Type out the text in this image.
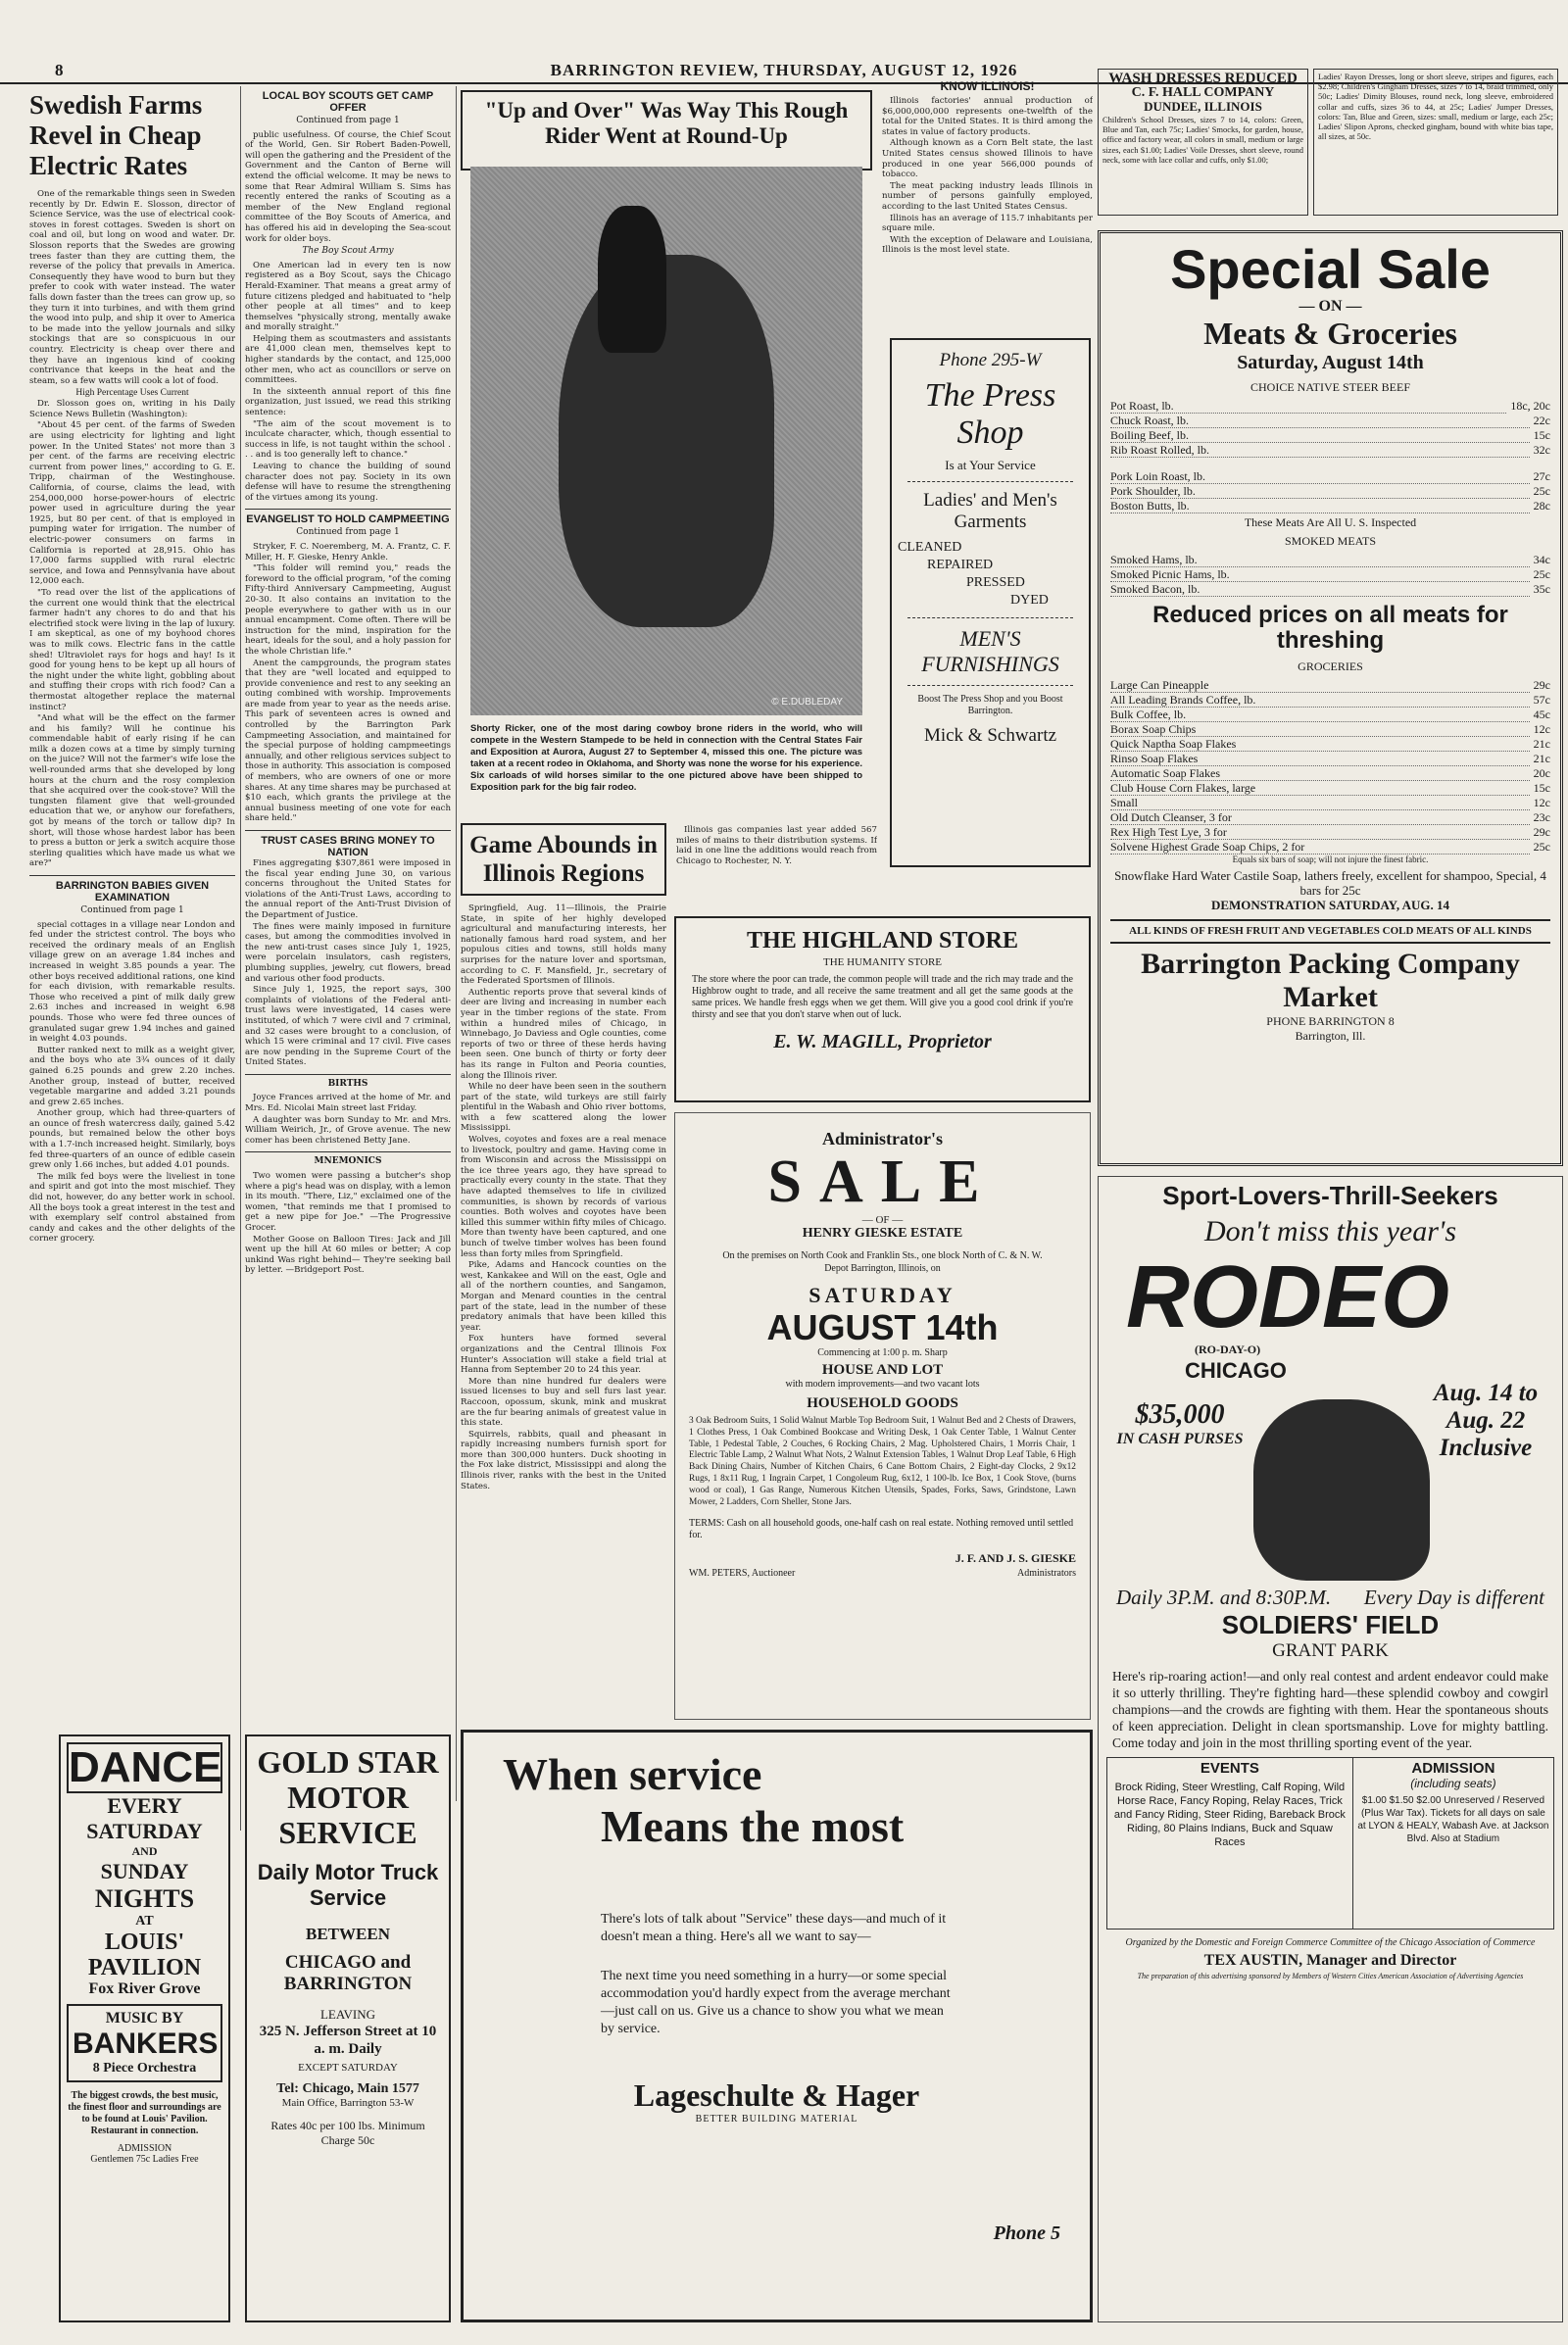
8	BARRINGTON REVIEW, THURSDAY, AUGUST 12, 1926
Swedish Farms Revel in Cheap Electric Rates

One of the remarkable things seen in Sweden recently by Dr. Edwin E. Slosson, director of Science Service, was the use of electrical cook-stoves in forest cottages. Sweden is short on coal and oil, but long on wood and water. Dr. Slosson reports that the Swedes are growing trees faster than they are cutting them, the reverse of the policy that prevails in America. Consequently they have wood to burn but they prefer to cook with water instead. The water falls down faster than the trees can grow up, so they turn it into turbines, and with them grind the wood into pulp, and ship it over to America to be made into the yellow journals and silky stockings that are so conspicuous in our country. Electricity is cheap over there and they have an ingenious kind of cooking contrivance that keeps in the heat and the steam, so a few watts will cook a lot of food.

High Percentage Uses Current

Dr. Slosson goes on, writing in his Daily Science News Bulletin (Washington):

"About 45 per cent. of the farms of Sweden are using electricity for lighting and light power. In the United States' not more than 3 per cent. of the farms are receiving electric current from power lines," according to G. E. Tripp, chairman of the Westinghouse. California, of course, claims the lead, with 254,000,000 horse-power-hours of electric power used in agriculture during the year 1925, but 80 per cent. of that is employed in pumping water for irrigation. The number of electric-power consumers on farms in California is reported at 28,915. Ohio has 17,000 farms supplied with rural electric service, and Iowa and Pennsylvania have about 12,000 each.

"To read over the list of the applications of the current one would think that the electrical farmer hadn't any chores to do and that his electrified stock were living in the lap of luxury. I am skeptical, as one of my boyhood chores was to milk cows. Electric fans in the cattle shed! Ultraviolet rays for hogs and hay! Is it good for young hens to be kept up all hours of the night under the white light, gobbling about and stuffing their crops with rich food? Can a thermostat altogether replace the maternal instinct?

"And what will be the effect on the farmer and his family? Will he continue his commendable habit of early rising if he can milk a dozen cows at a time by simply turning on the juice? Will not the farmer's wife lose the well-rounded arms that she developed by long hours at the churn and the rosy complexion that she acquired over the cook-stove? Will the tungsten filament give that well-grounded education that we, or anyhow our forefathers, got by means of the torch or tallow dip? In short, will those whose hardest labor has been to press a button or jerk a switch acquire those sterling qualities which have made us what we are?"

BARRINGTON BABIES GIVEN EXAMINATION
Continued from page 1

special cottages in a village near London and fed under the strictest control. The boys who received the ordinary meals of an English village grew on an average 1.84 inches and increased in weight 3.85 pounds a year. The other boys received additional rations, one kind for each division, with remarkable results. Those who received a pint of milk daily grew 2.63 inches and increased in weight 6.98 pounds. Those who were fed three ounces of granulated sugar grew 1.94 inches and gained in weight 4.03 pounds.

Butter ranked next to milk as a weight giver, and the boys who ate 3¾ ounces of it daily gained 6.25 pounds and grew 2.20 inches. Another group, instead of butter, received vegetable margarine and added 3.21 pounds and grew 2.65 inches.

Another group, which had three-quarters of an ounce of fresh watercress daily, gained 5.42 pounds, but remained below the other boys with a 1.7-inch increased height. Similarly, boys fed three-quarters of an ounce of edible casein grew only 1.66 inches, but added 4.01 pounds.

The milk fed boys were the liveliest in tone and spirit and got into the most mischief. They did not, however, do any better work in school. All the boys took a great interest in the test and with exemplary self control abstained from candy and cakes and the other delights of the corner grocery.

LOCAL BOY SCOUTS GET CAMP OFFER
Continued from page 1

public usefulness. Of course, the Chief Scout of the World, Gen. Sir Robert Baden-Powell, will open the gathering and the President of the Government and the Canton of Berne will extend the official welcome. It may be news to some that Rear Admiral William S. Sims has recently entered the ranks of Scouting as a member of the New England regional committee of the Boy Scouts of America, and has offered his aid in developing the Sea-scout work for older boys.

The Boy Scout Army

One American lad in every ten is now registered as a Boy Scout, says the Chicago Herald-Examiner. That means a great army of future citizens pledged and habituated to "help other people at all times" and to keep themselves "physically strong, mentally awake and morally straight."

Helping them as scoutmasters and assistants are 41,000 clean men, themselves kept to higher standards by the contact, and 125,000 other men, who act as councillors or serve on committees.

In the sixteenth annual report of this fine organization, just issued, we read this striking sentence:

"The aim of the scout movement is to inculcate character, which, though essential to success in life, is not taught within the school . . . and is too generally left to chance."

Leaving to chance the building of sound character does not pay. Society in its own defense will have to resume the strengthening of the virtues among its young.

EVANGELIST TO HOLD CAMPMEETING
Continued from page 1

Stryker, F. C. Noeremberg, M. A. Frantz, C. F. Miller, H. F. Gieske, Henry Ankle.

"This folder will remind you," reads the foreword to the official program, "of the coming Fifty-third Anniversary Campmeeting, August 20-30. It also contains an invitation to the people everywhere to gather with us in our annual encampment. Come often. There will be instruction for the mind, inspiration for the heart, ideals for the soul, and a holy passion for the whole Christian life."

Anent the campgrounds, the program states that they are "well located and equipped to provide convenience and rest to any seeking an outing combined with worship. Improvements are made from year to year as the needs arise. This park of seventeen acres is owned and controlled by the Barrington Park Campmeeting Association, and maintained for the special purpose of holding campmeetings annually, and other religious services subject to those in authority. This association is composed of members, who are owners of one or more shares. At any time shares may be purchased at $10 each, which grants the privilege at the annual business meeting of one vote for each share held."

TRUST CASES BRING MONEY TO NATION

Fines aggregating $307,861 were imposed in the fiscal year ending June 30, on various concerns throughout the United States for violations of the Anti-Trust Laws, according to the annual report of the Anti-Trust Division of the Department of Justice.

The fines were mainly imposed in furniture cases, but among the commodities involved in the new anti-trust cases since July 1, 1925, were porcelain insulators, cash registers, plumbing supplies, jewelry, cut flowers, bread and various other food products.

Since July 1, 1925, the report says, 300 complaints of violations of the Federal anti-trust laws were investigated, 14 cases were instituted, of which 7 were civil and 7 criminal, and 32 cases were brought to a conclusion, of which 15 were criminal and 17 civil. Five cases are now pending in the Supreme Court of the United States.

BIRTHS

Joyce Frances arrived at the home of Mr. and Mrs. Ed. Nicolai Main street last Friday.

A daughter was born Sunday to Mr. and Mrs. William Weirich, Jr., of Grove avenue. The new comer has been christened Betty Jane.

MNEMONICS

Two women were passing a butcher's shop where a pig's head was on display, with a lemon in its mouth. "There, Liz," exclaimed one of the women, "that reminds me that I promised to get a new pipe for Joe." —The Progressive Grocer.

Mother Goose on Balloon Tires: Jack and Jill went up the hill At 60 miles or better; A cop unkind Was right behind— They're seeking bail by letter. —Bridgeport Post.

"Up and Over" Was Way This Rough Rider Went at Round-Up
© E.DUBLEDAY
Shorty Ricker, one of the most daring cowboy brone riders in the world, who will compete in the Western Stampede to be held in connection with the Central States Fair and Exposition at Aurora, August 27 to September 4, missed this one. The picture was taken at a recent rodeo in Oklahoma, and Shorty was none the worse for his experience. Six carloads of wild horses similar to the one pictured above have been shipped to Exposition park for the big fair rodeo.
KNOW ILLINOIS!

Illinois factories' annual production of $6,000,000,000 represents one-twelfth of the total for the United States. It is third among the states in value of factory products.

Although known as a Corn Belt state, the last United States census showed Illinois to have produced in one year 566,000 pounds of tobacco.

The meat packing industry leads Illinois in number of persons gainfully employed, according to the last United States Census.

Illinois has an average of 115.7 inhabitants per square mile.

With the exception of Delaware and Louisiana, Illinois is the most level state.

Phone 295-W
The Press Shop
Is at Your Service
Ladies' and Men's Garments
CLEANED
REPAIRED
PRESSED
DYED
MEN'S FURNISHINGS
Boost The Press Shop and you Boost Barrington.
Mick & Schwartz
Game Abounds in Illinois Regions

Springfield, Aug. 11—Illinois, the Prairie State, in spite of her highly developed agricultural and manufacturing interests, her nationally famous hard road system, and her populous cities and towns, still holds many surprises for the nature lover and sportsman, according to C. F. Mansfield, Jr., secretary of the Federated Sportsmen of Illinois.

Authentic reports prove that several kinds of deer are living and increasing in number each year in the timber regions of the state. From within a hundred miles of Chicago, in Winnebago, Jo Daviess and Ogle counties, come reports of two or three of these herds having been seen. One bunch of thirty or forty deer has its range in Fulton and Peoria counties, along the Illinois river.

While no deer have been seen in the southern part of the state, wild turkeys are still fairly plentiful in the Wabash and Ohio river bottoms, with a few scattered along the lower Mississippi.

Wolves, coyotes and foxes are a real menace to livestock, poultry and game. Having come in from Wisconsin and across the Mississippi on the ice three years ago, they have spread to practically every county in the state. That they have adapted themselves to life in civilized communities, is shown by records of various counties. Both wolves and coyotes have been killed this summer within fifty miles of Chicago. More than twenty have been captured, and one bunch of twelve timber wolves has been found less than forty miles from Springfield.

Pike, Adams and Hancock counties on the west, Kankakee and Will on the east, Ogle and all of the northern counties, and Sangamon, Morgan and Menard counties in the central part of the state, lead in the number of these predatory animals that have been killed this year.

Fox hunters have formed several organizations and the Central Illinois Fox Hunter's Association will stake a field trial at Hanna from September 20 to 24 this year.

More than nine hundred fur dealers were issued licenses to buy and sell furs last year. Raccoon, opossum, skunk, mink and muskrat are the fur bearing animals of greatest value in this state.

Squirrels, rabbits, quail and pheasant in rapidly increasing numbers furnish sport for more than 300,000 hunters. Duck shooting in the Fox lake district, Mississippi and along the Illinois river, ranks with the best in the United States.

Illinois gas companies last year added 567 miles of mains to their distribution systems. If laid in one line the additions would reach from Chicago to Rochester, N. Y.

THE HIGHLAND STORE
THE HUMANITY STORE
The store where the poor can trade, the common people will trade and the rich may trade and the Highbrow ought to trade, and all receive the same treatment and all get the same goods at the same prices. We handle fresh eggs when we get them. Will give you a good cool drink if you're thirsty and see that you don't starve when out of luck.
E. W. MAGILL, Proprietor
Administrator's
SALE
— OF —
HENRY GIESKE ESTATE
On the premises on North Cook and Franklin Sts., one block North of C. & N. W. Depot Barrington, Illinois, on
SATURDAY
AUGUST 14th
Commencing at 1:00 p. m. Sharp
HOUSE AND LOT
with modern improvements—and two vacant lots
HOUSEHOLD GOODS
3 Oak Bedroom Suits, 1 Solid Walnut Marble Top Bedroom Suit, 1 Walnut Bed and 2 Chests of Drawers, 1 Clothes Press, 1 Oak Combined Bookcase and Writing Desk, 1 Oak Center Table, 1 Walnut Center Table, 1 Pedestal Table, 2 Couches, 6 Rocking Chairs, 2 Mag. Upholstered Chairs, 1 Morris Chair, 1 Electric Table Lamp, 2 Walnut What Nots, 2 Walnut Extension Tables, 1 Walnut Drop Leaf Table, 6 High Back Dining Chairs, Number of Kitchen Chairs, 6 Cane Bottom Chairs, 2 Eight-day Clocks, 2 9x12 Rugs, 1 8x11 Rug, 1 Ingrain Carpet, 1 Congoleum Rug, 6x12, 1 100-lb. Ice Box, 1 Cook Stove, (burns wood or coal), 1 Gas Range, Numerous Kitchen Utensils, Spades, Forks, Saws, Grindstone, Lawn Mower, 2 Ladders, Corn Sheller, Stone Jars.
TERMS: Cash on all household goods, one-half cash on real estate. Nothing removed until settled for.
J. F. AND J. S. GIESKE
WM. PETERS, Auctioneer	Administrators
WASH DRESSES REDUCED
C. F. HALL COMPANY
DUNDEE, ILLINOIS
Children's School Dresses, sizes 7 to 14, colors: Green, Blue and Tan, each 75c; Ladies' Smocks, for garden, house, office and factory wear, all colors in small, medium or large sizes, each $1.00; Ladies' Voile Dresses, short sleeve, round neck, some with lace collar and cuffs, only $1.00;
Ladies' Rayon Dresses, long or short sleeve, stripes and figures, each $2.98; Children's Gingham Dresses, sizes 7 to 14, braid trimmed, only 50c; Ladies' Dimity Blouses, round neck, long sleeve, embroidered collar and cuffs, sizes 36 to 44, at 25c; Ladies' Jumper Dresses, colors: Tan, Blue and Green, sizes: small, medium or large, each 25c; Ladies' Slipon Aprons, checked gingham, bound with white bias tape, all sizes, at 50c.
Special Sale
— ON —
Meats & Groceries
Saturday, August 14th
CHOICE NATIVE STEER BEEF
Pot Roast, lb.	18c, 20c
Chuck Roast, lb.	22c
Boiling Beef, lb.	15c
Rib Roast Rolled, lb.	32c
Pork Loin Roast, lb.	27c
Pork Shoulder, lb.	25c
Boston Butts, lb.	28c
These Meats Are All U. S. Inspected
SMOKED MEATS
Smoked Hams, lb.	34c
Smoked Picnic Hams, lb.	25c
Smoked Bacon, lb.	35c
Reduced prices on all meats for threshing
GROCERIES
Large Can Pineapple	29c
All Leading Brands Coffee, lb.	57c
Bulk Coffee, lb.	45c
Borax Soap Chips	12c
Quick Naptha Soap Flakes	21c
Rinso Soap Flakes	21c
Automatic Soap Flakes	20c
Club House Corn Flakes, large	15c
Small	12c
Old Dutch Cleanser, 3 for	23c
Rex High Test Lye, 3 for	29c
Solvene Highest Grade Soap Chips, 2 for	25c
Equals six bars of soap; will not injure the finest fabric.
Snowflake Hard Water Castile Soap, lathers freely, excellent for shampoo, Special, 4 bars for 25c
DEMONSTRATION SATURDAY, AUG. 14
ALL KINDS OF FRESH FRUIT AND VEGETABLES COLD MEATS OF ALL KINDS
Barrington Packing Company Market
PHONE BARRINGTON 8
Barrington, Ill.
Sport-Lovers-Thrill-Seekers
Don't miss this year's
RODEO
(RO-DAY-O)
CHICAGO
$35,000
IN CASH PURSES
Aug. 14 to Aug. 22 Inclusive
Daily 3P.M. and 8:30P.M. Every Day is different
SOLDIERS' FIELD
GRANT PARK
Here's rip-roaring action!—and only real contest and ardent endeavor could make it so utterly thrilling. They're fighting hard—these splendid cowboy and cowgirl champions—and the crowds are fighting with them. Hear the spontaneous shouts of keen appreciation. Delight in clean sportsmanship. Love for mighty battling. Come today and join in the most thrilling sporting event of the year.
EVENTS
Brock Riding, Steer Wrestling, Calf Roping, Wild Horse Race, Fancy Roping, Relay Races, Trick and Fancy Riding, Steer Riding, Bareback Brock Riding, 80 Plains Indians, Buck and Squaw Races

ADMISSION
(including seats)
$1.00 $1.50 $2.00 Unreserved / Reserved (Plus War Tax). Tickets for all days on sale at LYON & HEALY, Wabash Ave. at Jackson Blvd. Also at Stadium
Organized by the Domestic and Foreign Commerce Committee of the Chicago Association of Commerce
TEX AUSTIN, Manager and Director
The preparation of this advertising sponsored by Members of Western Cities American Association of Advertising Agencies
DANCE
EVERY
SATURDAY
AND
SUNDAY
NIGHTS
AT
LOUIS' PAVILION
Fox River Grove
MUSIC BY
BANKERS
8 Piece Orchestra
The biggest crowds, the best music, the finest floor and surroundings are to be found at Louis' Pavilion. Restaurant in connection.
ADMISSION
Gentlemen 75c Ladies Free
GOLD STAR MOTOR SERVICE
Daily Motor Truck Service
BETWEEN
CHICAGO and BARRINGTON
LEAVING
325 N. Jefferson Street at 10 a. m. Daily
EXCEPT SATURDAY
Tel: Chicago, Main 1577
Main Office, Barrington 53-W
Rates 40c per 100 lbs. Minimum Charge 50c
When service
Means the most
There's lots of talk about "Service" these days—and much of it doesn't mean a thing. Here's all we want to say—
The next time you need something in a hurry—or some special accommodation you'd hardly expect from the average merchant—just call on us. Give us a chance to show you what we mean by service.
Lageschulte & Hager
BETTER BUILDING MATERIAL
Phone 5
